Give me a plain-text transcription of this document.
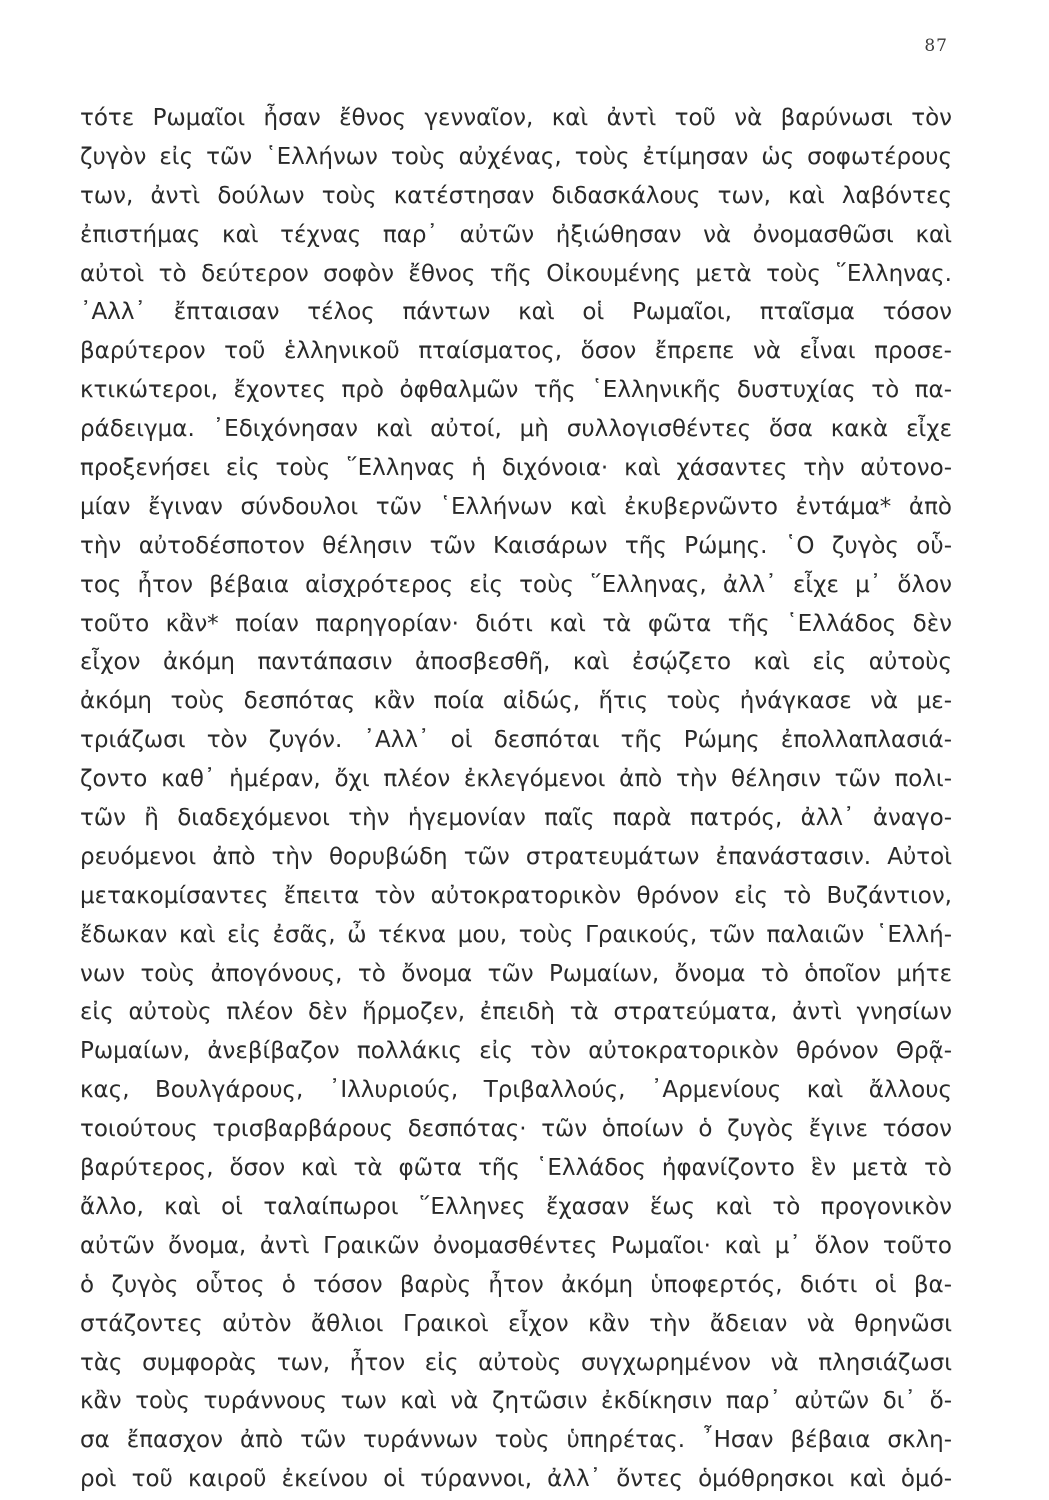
87
τότε Ρωμαῖοι ἦσαν ἔθνος γενναῖον, καὶ ἀντὶ τοῦ νὰ βαρύνωσι τὸν
ζυγὸν εἰς τῶν ῾Ελλήνων τοὺς αὐχένας, τοὺς ἐτίμησαν ὡς σοφωτέρους
των, ἀντὶ δούλων τοὺς κατέστησαν διδασκάλους των, καὶ λαβόντες
ἐπιστήμας καὶ τέχνας παρ᾽ αὐτῶν ἠξιώθησαν νὰ ὀνομασθῶσι καὶ
αὐτοὶ τὸ δεύτερον σοφὸν ἔθνος τῆς Οἰκουμένης μετὰ τοὺς ῞Ελληνας.
᾽Αλλ᾽ ἔπταισαν τέλος πάντων καὶ οἱ Ρωμαῖοι, πταῖσμα τόσον
βαρύτερον τοῦ ἑλληνικοῦ πταίσματος, ὅσον ἔπρεπε νὰ εἶναι προσε-
κτικώτεροι, ἔχοντες πρὸ ὀφθαλμῶν τῆς ῾Ελληνικῆς δυστυχίας τὸ πα-
ράδειγμα. ᾽Εδιχόνησαν καὶ αὐτοί, μὴ συλλογισθέντες ὅσα κακὰ εἶχε
προξενήσει εἰς τοὺς ῞Ελληνας ἡ διχόνοια· καὶ χάσαντες τὴν αὐτονο-
μίαν ἔγιναν σύνδουλοι τῶν ῾Ελλήνων καὶ ἐκυβερνῶντο ἐντάμα* ἀπὸ
τὴν αὐτοδέσποτον θέλησιν τῶν Καισάρων τῆς Ρώμης. ῾Ο ζυγὸς οὗ-
τος ἦτον βέβαια αἰσχρότερος εἰς τοὺς ῞Ελληνας, ἀλλ᾽ εἶχε μ᾽ ὅλον
τοῦτο κἂν* ποίαν παρηγορίαν· διότι καὶ τὰ φῶτα τῆς ῾Ελλάδος δὲν
εἶχον ἀκόμη παντάπασιν ἀποσβεσθῆ, καὶ ἐσῴζετο καὶ εἰς αὐτοὺς
ἀκόμη τοὺς δεσπότας κἂν ποία αἰδώς, ἥτις τοὺς ἠνάγκασε νὰ με-
τριάζωσι τὸν ζυγόν. ᾽Αλλ᾽ οἱ δεσπόται τῆς Ρώμης ἐπολλαπλασιά-
ζοντο καθ᾽ ἡμέραν, ὄχι πλέον ἐκλεγόμενοι ἀπὸ τὴν θέλησιν τῶν πολι-
τῶν ἢ διαδεχόμενοι τὴν ἡγεμονίαν παῖς παρὰ πατρός, ἀλλ᾽ ἀναγο-
ρευόμενοι ἀπὸ τὴν θορυβώδη τῶν στρατευμάτων ἐπανάστασιν. Αὐτοὶ
μετακομίσαντες ἔπειτα τὸν αὐτοκρατορικὸν θρόνον εἰς τὸ Βυζάντιον,
ἔδωκαν καὶ εἰς ἐσᾶς, ὦ τέκνα μου, τοὺς Γραικούς, τῶν παλαιῶν ῾Ελλή-
νων τοὺς ἀπογόνους, τὸ ὄνομα τῶν Ρωμαίων, ὄνομα τὸ ὁποῖον μήτε
εἰς αὐτοὺς πλέον δὲν ἥρμοζεν, ἐπειδὴ τὰ στρατεύματα, ἀντὶ γνησίων
Ρωμαίων, ἀνεβίβαζον πολλάκις εἰς τὸν αὐτοκρατορικὸν θρόνον Θρᾷ-
κας, Βουλγάρους, ᾽Ιλλυριούς, Τριβαλλούς, ᾽Αρμενίους καὶ ἄλλους
τοιούτους τρισβαρβάρους δεσπότας· τῶν ὁποίων ὁ ζυγὸς ἔγινε τόσον
βαρύτερος, ὅσον καὶ τὰ φῶτα τῆς ῾Ελλάδος ἠφανίζοντο ἓν μετὰ τὸ
ἄλλο, καὶ οἱ ταλαίπωροι ῞Ελληνες ἔχασαν ἕως καὶ τὸ προγονικὸν
αὐτῶν ὄνομα, ἀντὶ Γραικῶν ὀνομασθέντες Ρωμαῖοι· καὶ μ᾽ ὅλον τοῦτο
ὁ ζυγὸς οὗτος ὁ τόσον βαρὺς ἦτον ἀκόμη ὑποφερτός, διότι οἱ βα-
στάζοντες αὐτὸν ἄθλιοι Γραικοὶ εἶχον κἂν τὴν ἄδειαν νὰ θρηνῶσι
τὰς συμφορὰς των, ἦτον εἰς αὐτοὺς συγχωρημένον νὰ πλησιάζωσι
κἂν τοὺς τυράννους των καὶ νὰ ζητῶσιν ἐκδίκησιν παρ᾽ αὐτῶν δι᾽ ὅ-
σα ἔπασχον ἀπὸ τῶν τυράννων τοὺς ὑπηρέτας. ῏Ησαν βέβαια σκλη-
ροὶ τοῦ καιροῦ ἐκείνου οἱ τύραννοι, ἀλλ᾽ ὄντες ὁμόθρησκοι καὶ ὁμό-
